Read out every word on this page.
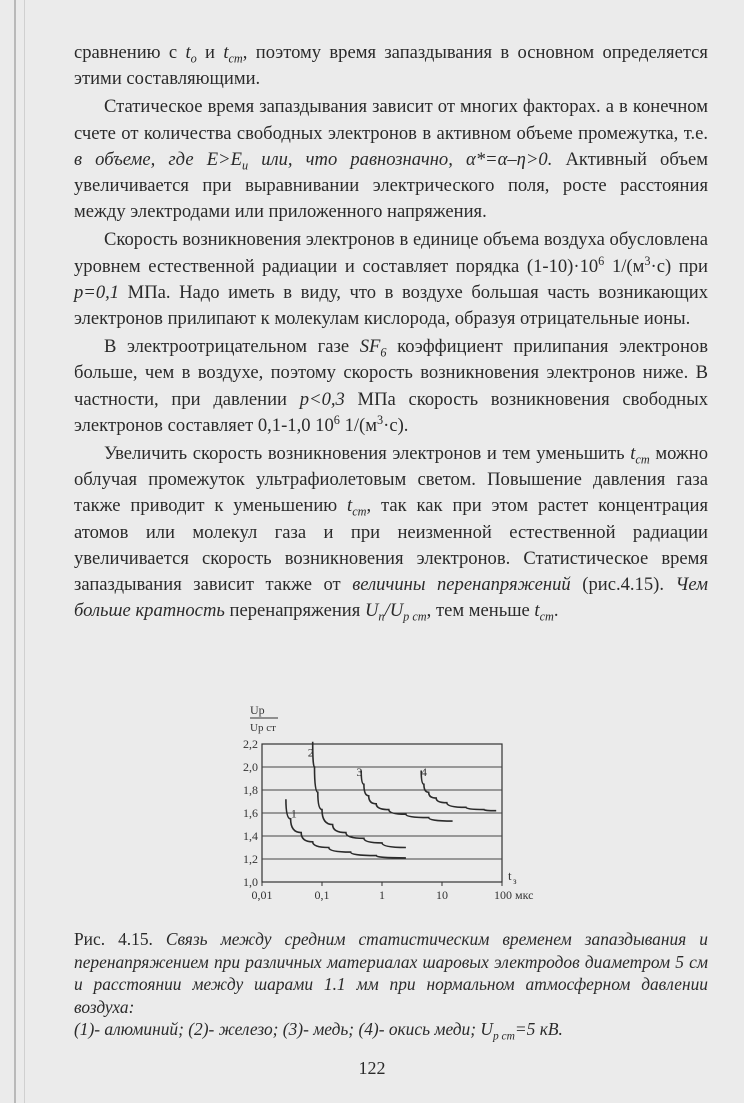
сравнению с $t_o$ и $t_{cm}$, поэтому время запаздывания в основном определяется этими составляющими.

Статическое время запаздывания зависит от многих факторах. а в конечном счете от количества свободных электронов в активном объеме промежутка, т.е. в объеме, где $E>E_u$ или, что равнозначно, α*=α–η>0. Активный объем увеличивается при выравнивании электрического поля, росте расстояния между электродами или приложенного напряжения.

Скорость возникновения электронов в единице объема воздуха обусловлена уровнем естественной радиации и составляет порядка $(1-10)\cdot 10^6$ $1/(м^3\cdot с)$ при p=0,1 МПа. Надо иметь в виду, что в воздухе большая часть возникающих электронов прилипают к молекулам кислорода, образуя отрицательные ионы.

В электроотрицательном газе $SF_6$ коэффициент прилипания электронов больше, чем в воздухе, поэтому скорость возникновения электронов ниже. В частности, при давлении p<0,3 МПа скорость возникновения свободных электронов составляет 0,1-1,0 $10^6$ $1/(м^3\cdot с)$.

Увеличить скорость возникновения электронов и тем уменьшить $t_{cm}$ можно облучая промежуток ультрафиолетовым светом. Повышение давления газа также приводит к уменьшению $t_{cm}$, так как при этом растет концентрация атомов или молекул газа и при неизменной естественной радиации увеличивается скорость возникновения электронов. Статистическое время запаздывания зависит также от величины перенапряжений (рис.4.15). Чем больше кратность перенапряжения $U_п/U_{p cm}$, тем меньше $t_{cm}$.

1,0
1,2
1,4
1,6
1,8
2,0
2,2
0,01	0,1	1	10	100 мкс
Up
Up ст
t з
2
3	4
1

Рис. 4.15. Связь между средним статистическим временем запаздывания и перенапряжением при различных материалах шаровых электродов диаметром 5 см и расстоянии между шарами 1.1 мм при нормальном атмосферном давлении воздуха:
(1)- алюминий; (2)- железо; (3)- медь; (4)- окись меди; $U_{p cm}=5$ кВ.

122
